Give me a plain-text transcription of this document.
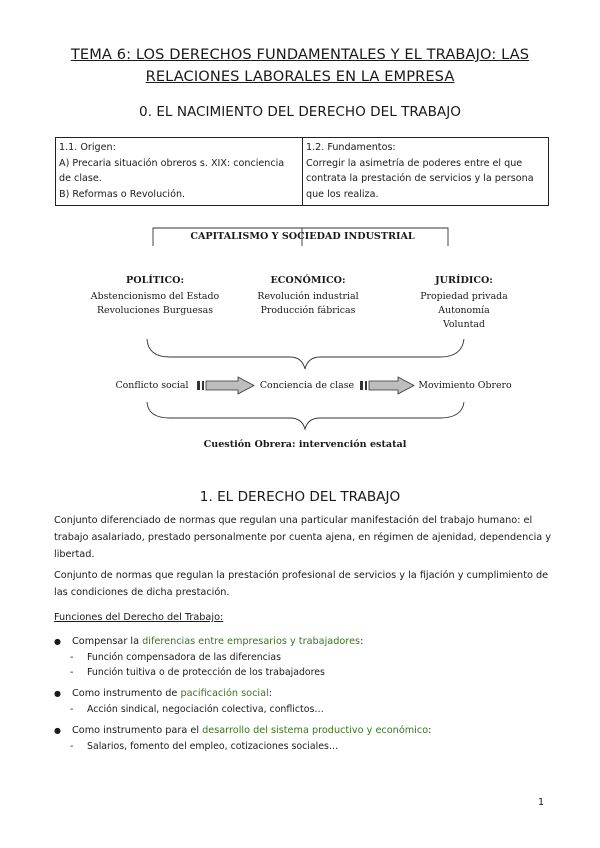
TEMA 6: LOS DERECHOS FUNDAMENTALES Y EL TRABAJO: LAS
RELACIONES LABORALES EN LA EMPRESA
0. EL NACIMIENTO DEL DERECHO DEL TRABAJO
1.1. Origen:
A) Precaria situación obreros s. XIX: conciencia
de clase.
B) Reformas o Revolución.

1.2. Fundamentos:
Corregir la asimetría de poderes entre el que
contrata la prestación de servicios y la persona
que los realiza.
CAPITALISMO Y SOCIEDAD INDUSTRIAL
POLÍTICO:
Abstencionismo del Estado
Revoluciones Burguesas
ECONÓMICO:
Revolución industrial
Producción fábricas
JURÍDICO:
Propiedad privada
Autonomía
Voluntad
Conflicto social	Conciencia de clase	Movimiento Obrero
Cuestión Obrera: intervención estatal
1. EL DERECHO DEL TRABAJO
Conjunto diferenciado de normas que regulan una particular manifestación del trabajo humano: el
trabajo asalariado, prestado personalmente por cuenta ajena, en régimen de ajenidad, dependencia y
libertad.
Conjunto de normas que regulan la prestación profesional de servicios y la fijación y cumplimiento de
las condiciones de dicha prestación.
Funciones del Derecho del Trabajo:
● Compensar la diferencias entre empresarios y trabajadores:
- Función compensadora de las diferencias
- Función tuitiva o de protección de los trabajadores
● Como instrumento de pacificación social:
- Acción sindical, negociación colectiva, conflictos…
● Como instrumento para el desarrollo del sistema productivo y económico:
- Salarios, fomento del empleo, cotizaciones sociales…
1
